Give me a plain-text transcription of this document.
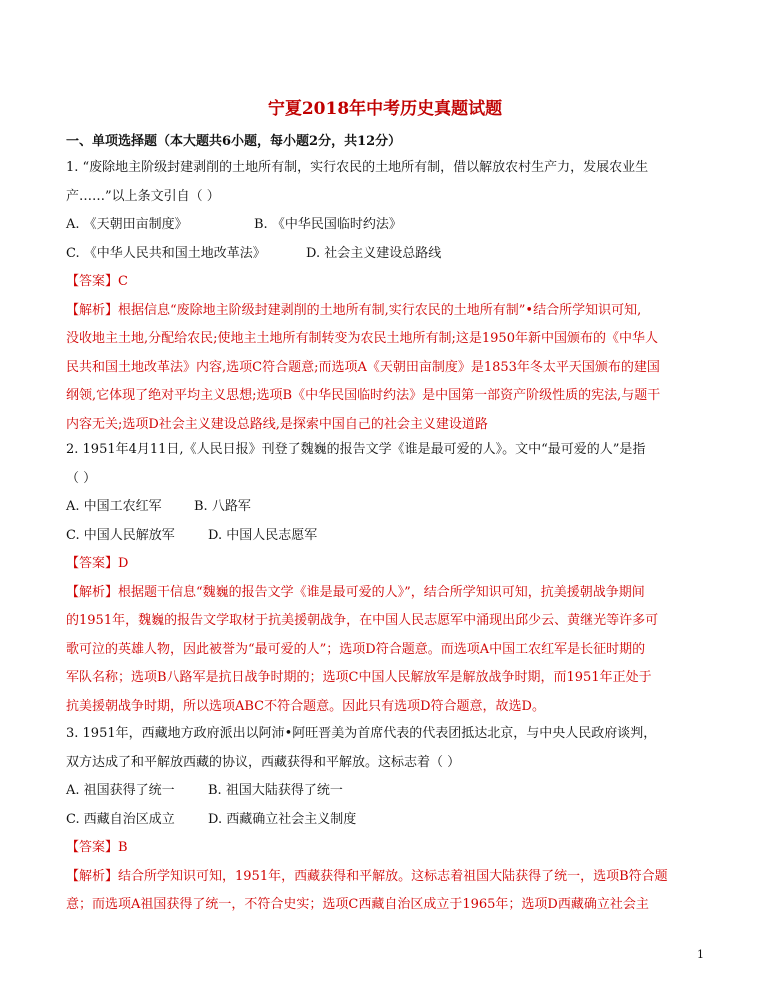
宁夏2018年中考历史真题试题
一、单项选择题（本大题共6小题，每小题2分，共12分）
1. “废除地主阶级封建剥削的土地所有制，实行农民的土地所有制，借以解放农村生产力，发展农业生
产……”以上条文引自（ ）
A. 《天朝田亩制度》	B. 《中华民国临时约法》
C. 《中华人民共和国土地改革法》	D. 社会主义建设总路线
【答案】C
【解析】根据信息“废除地主阶级封建剥削的土地所有制,实行农民的土地所有制”•结合所学知识可知,
没收地主土地,分配给农民;使地主土地所有制转变为农民土地所有制;这是1950年新中国颁布的《中华人
民共和国土地改革法》内容,选项C符合题意;而选项A《天朝田亩制度》是1853年冬太平天国颁布的建国
纲领,它体现了绝对平均主义思想;选项B《中华民国临时约法》是中国第一部资产阶级性质的宪法,与题干
内容无关;选项D社会主义建设总路线,是探索中国自己的社会主义建设道路
2. 1951年4月11日,《人民日报》刊登了魏巍的报告文学《谁是最可爱的人》。文中“最可爱的人”是指
（ ）
A. 中国工农红军 B. 八路军
C. 中国人民解放军	D. 中国人民志愿军
【答案】D
【解析】根据题干信息“魏巍的报告文学《谁是最可爱的人》”，结合所学知识可知，抗美援朝战争期间
的1951年，魏巍的报告文学取材于抗美援朝战争，在中国人民志愿军中涌现出邱少云、黄继光等许多可
歌可泣的英雄人物，因此被誉为“最可爱的人”；选项D符合题意。而选项A中国工农红军是长征时期的
军队名称；选项B八路军是抗日战争时期的；选项C中国人民解放军是解放战争时期，而1951年正处于
抗美援朝战争时期，所以选项ABC不符合题意。因此只有选项D符合题意，故选D。
3. 1951年，西藏地方政府派出以阿沛•阿旺晋美为首席代表的代表团抵达北京，与中央人民政府谈判，
双方达成了和平解放西藏的协议，西藏获得和平解放。这标志着（ ）
A. 祖国获得了统一	B. 祖国大陆获得了统一
C. 西藏自治区成立	D. 西藏确立社会主义制度
【答案】B
【解析】结合所学知识可知，1951年，西藏获得和平解放。这标志着祖国大陆获得了统一，选项B符合题
意；而选项A祖国获得了统一，不符合史实；选项C西藏自治区成立于1965年；选项D西藏确立社会主
1
